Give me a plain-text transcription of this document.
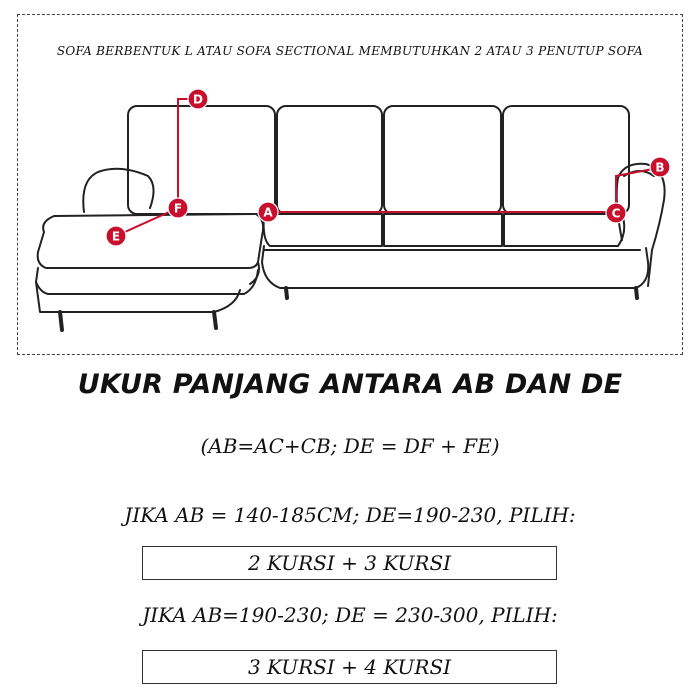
SOFA BERBENTUK L ATAU SOFA SECTIONAL MEMBUTUHKAN 2 ATAU 3 PENUTUP SOFA
A
B
C
D
E
F
UKUR PANJANG ANTARA AB DAN DE
(AB=AC+CB; DE = DF + FE)
JIKA AB = 140-185CM; DE=190-230, PILIH:
2 KURSI + 3 KURSI
JIKA AB=190-230; DE = 230-300, PILIH:
3 KURSI + 4 KURSI
